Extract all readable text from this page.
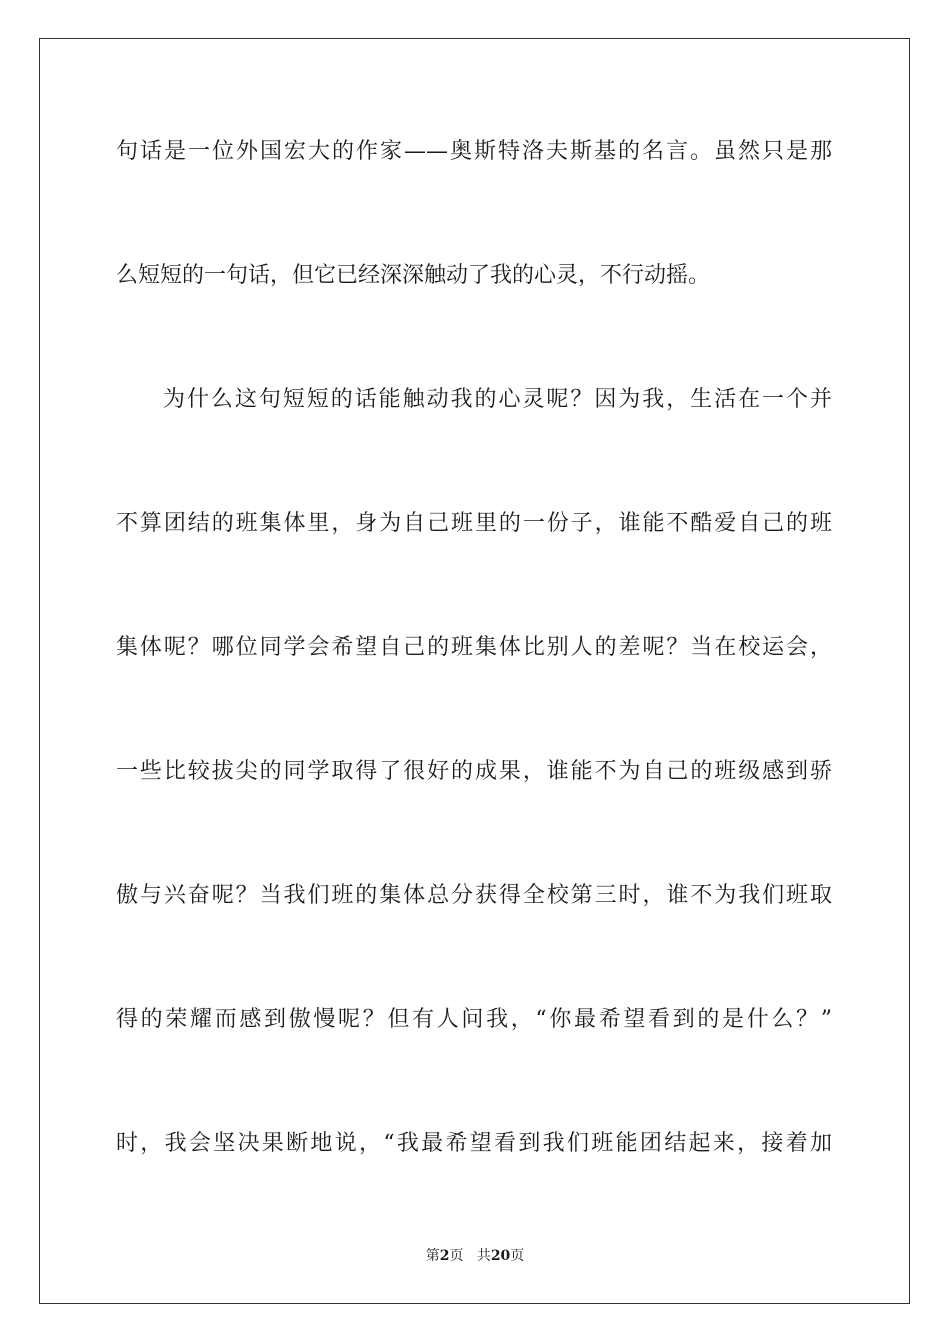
句话是一位外国宏大的作家——奥斯特洛夫斯基的名言。虽然只是那
么短短的一句话，但它已经深深触动了我的心灵，不行动摇。
为什么这句短短的话能触动我的心灵呢？因为我，生活在一个并
不算团结的班集体里，身为自己班里的一份子，谁能不酷爱自己的班
集体呢？哪位同学会希望自己的班集体比别人的差呢？当在校运会，
一些比较拔尖的同学取得了很好的成果，谁能不为自己的班级感到骄
傲与兴奋呢？当我们班的集体总分获得全校第三时，谁不为我们班取
得的荣耀而感到傲慢呢？但有人问我，“你最希望看到的是什么？”
时，我会坚决果断地说，“我最希望看到我们班能团结起来，接着加
第2页 共20页
